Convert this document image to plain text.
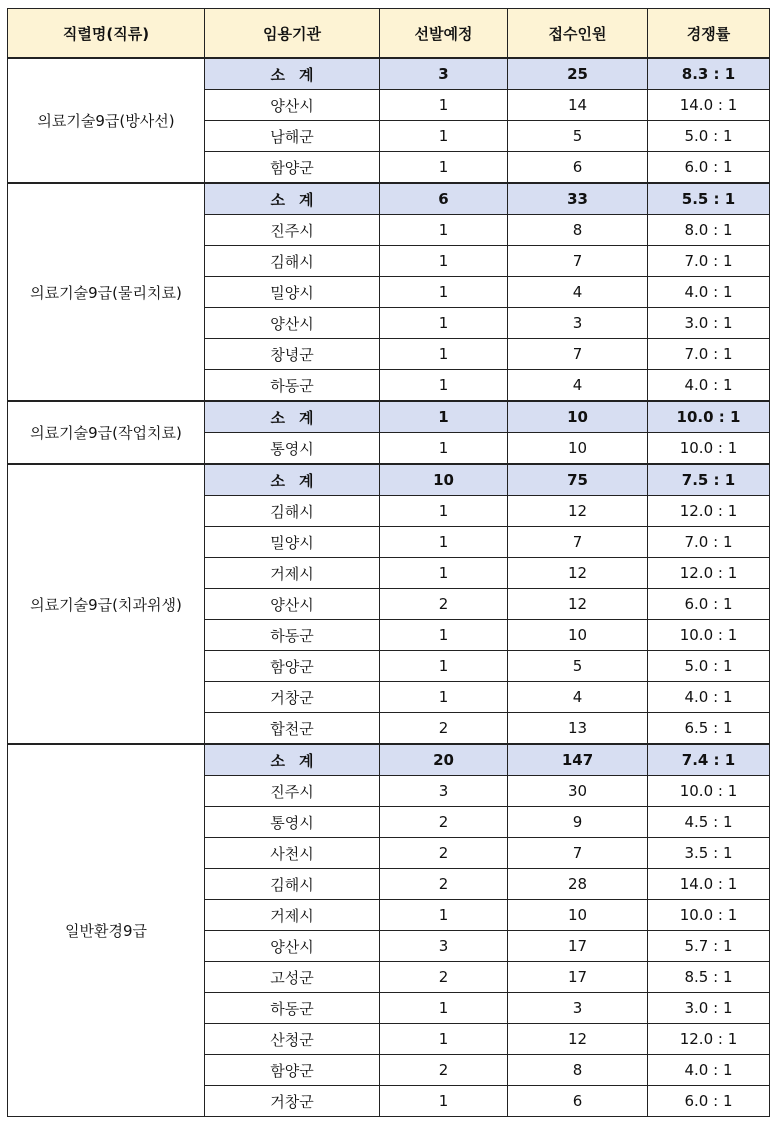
직렬명(직류)	임용기관	선발예정	접수인원	경쟁률
의료기술9급(방사선)	소계	3	25	8.3 : 1
	양산시	1	14	14.0 : 1
	남해군	1	5	5.0 : 1
	함양군	1	6	6.0 : 1
의료기술9급(물리치료)	소계	6	33	5.5 : 1
	진주시	1	8	8.0 : 1
	김해시	1	7	7.0 : 1
	밀양시	1	4	4.0 : 1
	양산시	1	3	3.0 : 1
	창녕군	1	7	7.0 : 1
	하동군	1	4	4.0 : 1
의료기술9급(작업치료)	소계	1	10	10.0 : 1
	통영시	1	10	10.0 : 1
의료기술9급(치과위생)	소계	10	75	7.5 : 1
	김해시	1	12	12.0 : 1
	밀양시	1	7	7.0 : 1
	거제시	1	12	12.0 : 1
	양산시	2	12	6.0 : 1
	하동군	1	10	10.0 : 1
	함양군	1	5	5.0 : 1
	거창군	1	4	4.0 : 1
	합천군	2	13	6.5 : 1
일반환경9급	소계	20	147	7.4 : 1
	진주시	3	30	10.0 : 1
	통영시	2	9	4.5 : 1
	사천시	2	7	3.5 : 1
	김해시	2	28	14.0 : 1
	거제시	1	10	10.0 : 1
	양산시	3	17	5.7 : 1
	고성군	2	17	8.5 : 1
	하동군	1	3	3.0 : 1
	산청군	1	12	12.0 : 1
	함양군	2	8	4.0 : 1
	거창군	1	6	6.0 : 1
